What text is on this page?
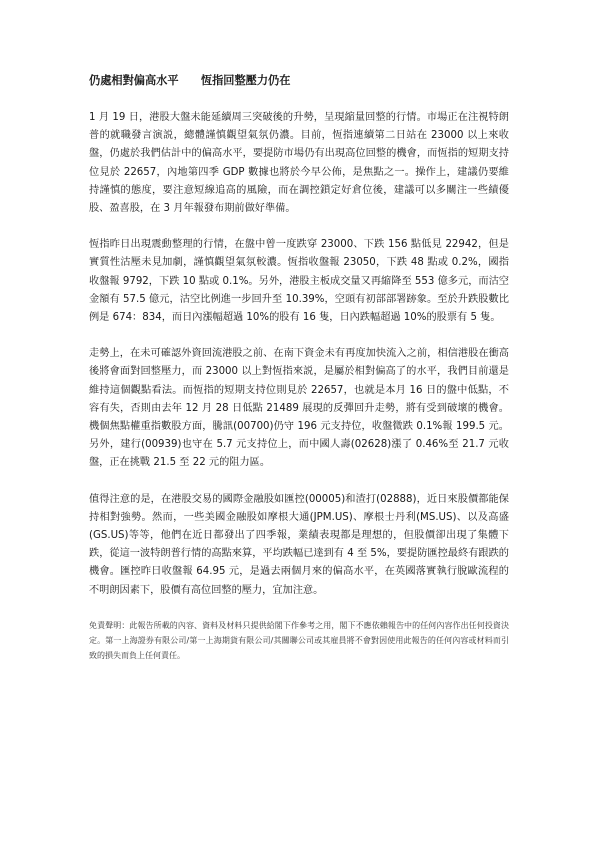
仍處相對偏高水平　　恆指回整壓力仍在

1 月 19 日，港股大盤未能延續周三突破後的升勢，呈現縮量回整的行情。市場正在注視特朗普的就職發言演説，總體謹慎觀望氣氛仍濃。目前，恆指連續第二日站在 23000 以上來收盤，仍處於我們估計中的偏高水平，要提防市場仍有出現高位回整的機會，而恆指的短期支持位見於 22657，內地第四季 GDP 數據也將於今早公佈，是焦點之一。操作上，建議仍要維持謹慎的態度，要注意短線追高的風險，而在調控鎖定好倉位後，建議可以多關注一些績優股、盈喜股，在 3 月年報發布期前做好準備。

恆指昨日出現震動整理的行情，在盤中曾一度跌穿 23000、下跌 156 點低見 22942，但是實質性沽壓未見加劇，謹慎觀望氣氛較濃。恆指收盤報 23050，下跌 48 點或 0.2%，國指收盤報 9792，下跌 10 點或 0.1%。另外，港股主板成交量又再縮降至 553 億多元，而沽空金額有 57.5 億元，沽空比例進一步回升至 10.39%，空頭有初部部署跡象。至於升跌股數比例是 674：834，而日內漲幅超過 10%的股有 16 隻，日內跌幅超過 10%的股票有 5 隻。

走勢上，在未可確認外資回流港股之前、在南下資金未有再度加快流入之前，相信港股在衝高後將會面對回整壓力，而 23000 以上對恆指來説，是屬於相對偏高了的水平，我們目前還是維持這個觀點看法。而恆指的短期支持位則見於 22657，也就是本月 16 日的盤中低點，不容有失，否則由去年 12 月 28 日低點 21489 展現的反彈回升走勢，將有受到破壞的機會。機個焦點權重指數股方面，騰訊(00700)仍守 196 元支持位，收盤微跌 0.1%報 199.5 元。另外，建行(00939)也守在 5.7 元支持位上，而中國人壽(02628)漲了 0.46%至 21.7 元收盤，正在挑戰 21.5 至 22 元的阻力區。

值得注意的是，在港股交易的國際金融股如匯控(00005)和渣打(02888)，近日來股價都能保持相對強勢。然而，一些美國金融股如摩根大通(JPM.US)、摩根士丹利(MS.US)、以及高盛(GS.US)等等，他們在近日都發出了四季報，業績表現都是理想的，但股價卻出現了集體下跌，從這一波特朗普行情的高點來算，平均跌幅已達到有 4 至 5%，要提防匯控最終有跟跌的機會。匯控昨日收盤報 64.95 元，是過去兩個月來的偏高水平，在英國落實執行脫歐流程的不明朗因素下，股價有高位回整的壓力，宜加注意。

免責聲明：此報告所載的內容、資料及材料只提供給閣下作參考之用，閣下不應依賴報告中的任何內容作出任何投資決定。第一上海證券有限公司/第一上海期貨有限公司/其關聯公司或其雇員將不會對因使用此報告的任何內容或材料而引致的損失而負上任何責任。
